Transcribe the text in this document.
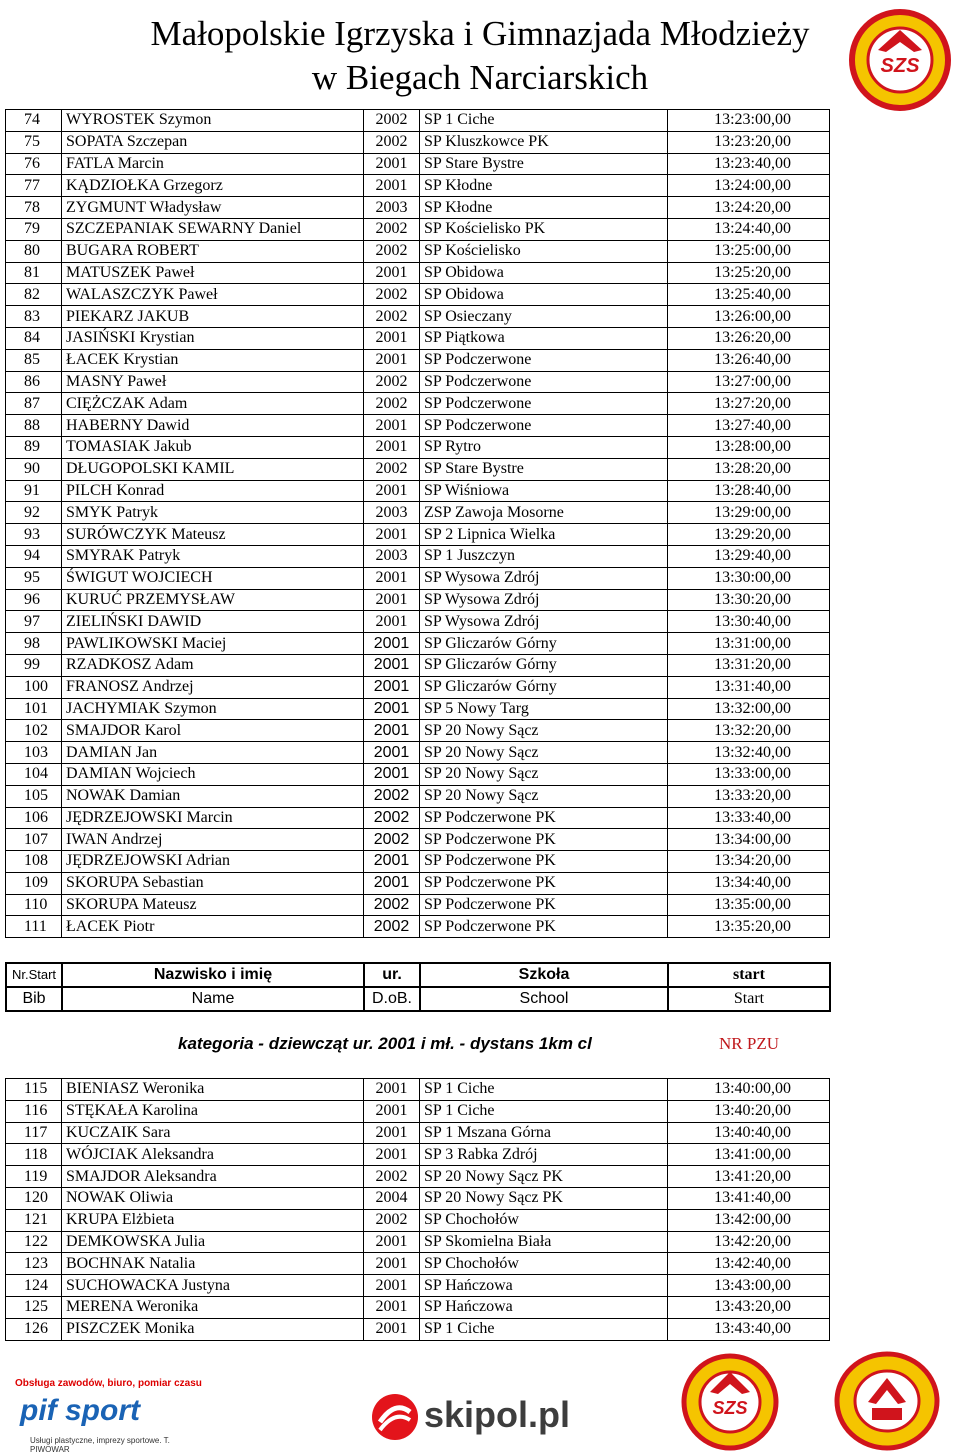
Małopolskie Igrzyska i Gimnazjada Młodzieży
w Biegach Narciarskich	SZS
74	WYROSTEK Szymon	2002	SP 1 Ciche	13:23:00,00
75	SOPATA Szczepan	2002	SP Kluszkowce PK	13:23:20,00
76	FATLA Marcin	2001	SP Stare Bystre	13:23:40,00
77	KĄDZIOŁKA Grzegorz	2001	SP Kłodne	13:24:00,00
78	ZYGMUNT Władysław	2003	SP Kłodne	13:24:20,00
79	SZCZEPANIAK SEWARNY Daniel	2002	SP Kościelisko PK	13:24:40,00
80	BUGARA ROBERT	2002	SP Kościelisko	13:25:00,00
81	MATUSZEK Paweł	2001	SP Obidowa	13:25:20,00
82	WALASZCZYK Paweł	2002	SP Obidowa	13:25:40,00
83	PIEKARZ JAKUB	2002	SP Osieczany	13:26:00,00
84	JASIŃSKI Krystian	2001	SP Piątkowa	13:26:20,00
85	ŁACEK Krystian	2001	SP Podczerwone	13:26:40,00
86	MASNY Paweł	2002	SP Podczerwone	13:27:00,00
87	CIĘŻCZAK Adam	2002	SP Podczerwone	13:27:20,00
88	HABERNY Dawid	2001	SP Podczerwone	13:27:40,00
89	TOMASIAK Jakub	2001	SP Rytro	13:28:00,00
90	DŁUGOPOLSKI KAMIL	2002	SP Stare Bystre	13:28:20,00
91	PILCH Konrad	2001	SP Wiśniowa	13:28:40,00
92	SMYK Patryk	2003	ZSP Zawoja Mosorne	13:29:00,00
93	SURÓWCZYK Mateusz	2001	SP 2 Lipnica Wielka	13:29:20,00
94	SMYRAK Patryk	2003	SP 1 Juszczyn	13:29:40,00
95	ŚWIGUT WOJCIECH	2001	SP Wysowa Zdrój	13:30:00,00
96	KURUĆ PRZEMYSŁAW	2001	SP Wysowa Zdrój	13:30:20,00
97	ZIELIŃSKI DAWID	2001	SP Wysowa Zdrój	13:30:40,00
98	PAWLIKOWSKI Maciej	2001	SP Gliczarów Górny	13:31:00,00
99	RZADKOSZ Adam	2001	SP Gliczarów Górny	13:31:20,00
100	FRANOSZ Andrzej	2001	SP Gliczarów Górny	13:31:40,00
101	JACHYMIAK Szymon	2001	SP 5 Nowy Targ	13:32:00,00
102	SMAJDOR Karol	2001	SP 20 Nowy Sącz	13:32:20,00
103	DAMIAN Jan	2001	SP 20 Nowy Sącz	13:32:40,00
104	DAMIAN Wojciech	2001	SP 20 Nowy Sącz	13:33:00,00
105	NOWAK Damian	2002	SP 20 Nowy Sącz	13:33:20,00
106	JĘDRZEJOWSKI Marcin	2002	SP Podczerwone PK	13:33:40,00
107	IWAN Andrzej	2002	SP Podczerwone PK	13:34:00,00
108	JĘDRZEJOWSKI Adrian	2001	SP Podczerwone PK	13:34:20,00
109	SKORUPA Sebastian	2001	SP Podczerwone PK	13:34:40,00
110	SKORUPA Mateusz	2002	SP Podczerwone PK	13:35:00,00
111	ŁACEK Piotr	2002	SP Podczerwone PK	13:35:20,00
Nr.Start	Nazwisko i imię	ur.	Szkoła	start
Bib	Name	D.oB.	School	Start
kategoria - dziewcząt ur. 2001 i mł. - dystans 1km cl	NR PZU
115	BIENIASZ Weronika	2001	SP 1 Ciche	13:40:00,00
116	STĘKAŁA Karolina	2001	SP 1 Ciche	13:40:20,00
117	KUCZAIK Sara	2001	SP 1 Mszana Górna	13:40:40,00
118	WÓJCIAK Aleksandra	2001	SP 3 Rabka Zdrój	13:41:00,00
119	SMAJDOR Aleksandra	2002	SP 20 Nowy Sącz PK	13:41:20,00
120	NOWAK Oliwia	2004	SP 20 Nowy Sącz PK	13:41:40,00
121	KRUPA Elżbieta	2002	SP Chochołów	13:42:00,00
122	DEMKOWSKA Julia	2001	SP Skomielna Biała	13:42:20,00
123	BOCHNAK Natalia	2001	SP Chochołów	13:42:40,00
124	SUCHOWACKA Justyna	2001	SP Hańczowa	13:43:00,00
125	MERENA Weronika	2001	SP Hańczowa	13:43:20,00
126	PISZCZEK Monika	2001	SP 1 Ciche	13:43:40,00
Obsługa zawodów, biuro, pomiar czasu
pif sport
Usługi plastyczne, imprezy sportowe. T. PIWOWAR
skipol.pl	SZS
